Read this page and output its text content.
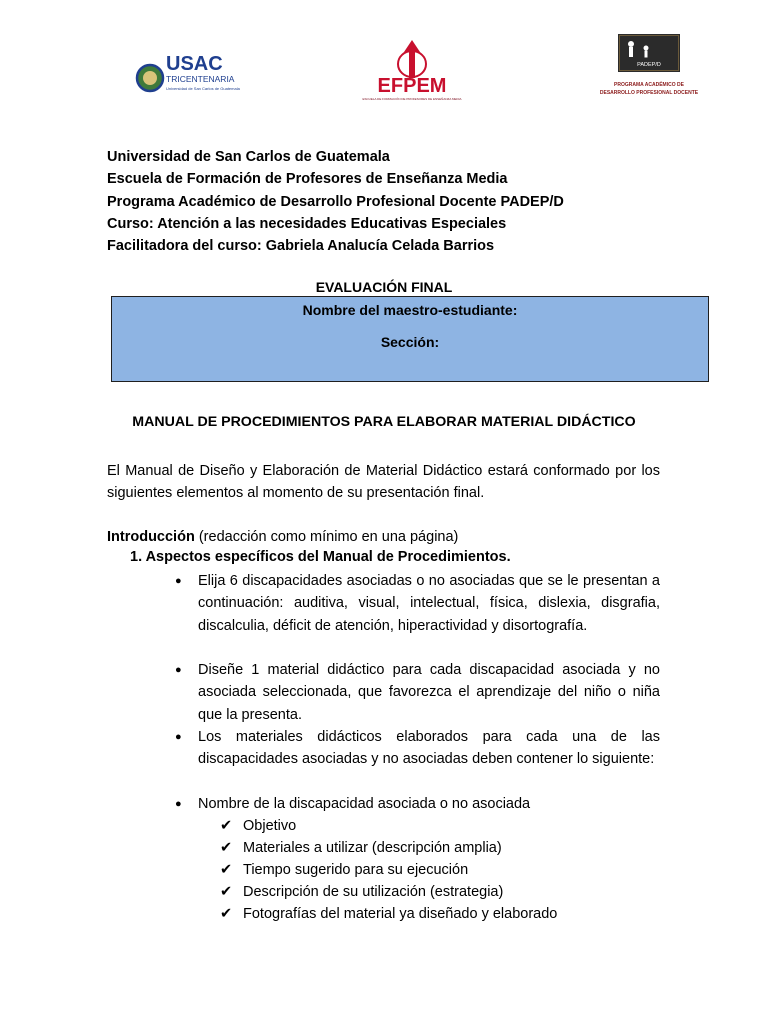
USAC
TRICENTENARIA
Universidad de San Carlos de Guatemala	EFPEM
ESCUELA DE FORMACIÓN DE PROFESORES DE ENSEÑANZA MEDIA
PADEP/D
PROGRAMA ACADÉMICO DE
DESARROLLO PROFESIONAL DOCENTE
Universidad de San Carlos de Guatemala
Escuela de Formación de Profesores de Enseñanza Media
Programa Académico de Desarrollo Profesional Docente PADEP/D
Curso: Atención a las necesidades Educativas Especiales
Facilitadora del curso: Gabriela Analucía Celada Barrios
EVALUACIÓN FINAL
Nombre del maestro-estudiante:
Sección:
MANUAL DE PROCEDIMIENTOS PARA ELABORAR MATERIAL DIDÁCTICO
El Manual de Diseño y Elaboración de Material Didáctico estará conformado por los siguientes elementos al momento de su presentación final.
Introducción (redacción como mínimo en una página)
1. Aspectos específicos del Manual de Procedimientos.
● Elija 6 discapacidades asociadas o no asociadas que se le presentan a continuación: auditiva, visual, intelectual, física, dislexia, disgrafia, discalculia, déficit de atención, hiperactividad y disortografía.
● Diseñe 1 material didáctico para cada discapacidad asociada y no asociada seleccionada, que favorezca el aprendizaje del niño o niña que la presenta.
● Los materiales didácticos elaborados para cada una de las discapacidades asociadas y no asociadas deben contener lo siguiente:
● Nombre de la discapacidad asociada o no asociada
✔ Objetivo
✔ Materiales a utilizar (descripción amplia)
✔ Tiempo sugerido para su ejecución
✔ Descripción de su utilización (estrategia)
✔ Fotografías del material ya diseñado y elaborado
